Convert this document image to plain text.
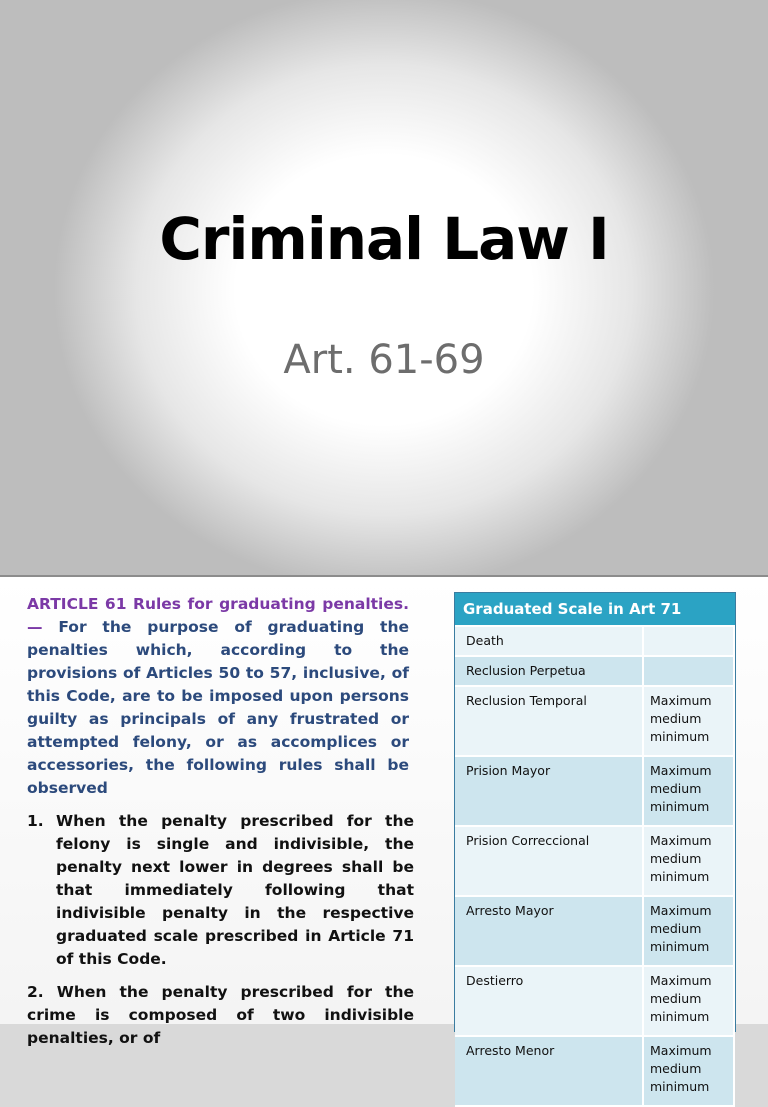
Criminal Law I
Art. 61-69
ARTICLE 61 Rules for graduating penalties. — For the purpose of graduating the penalties which, according to the provisions of Articles 50 to 57, inclusive, of this Code, are to be imposed upon persons guilty as principals of any frustrated or attempted felony, or as accomplices or accessories, the following rules shall be observed
1. When the penalty prescribed for the felony is single and indivisible, the penalty next lower in degrees shall be that immediately following that indivisible penalty in the respective graduated scale prescribed in Article 71 of this Code.
2. When the penalty prescribed for the crime is composed of two indivisible penalties, or of
Graduated Scale in Art 71
Death	
Reclusion Perpetua	
Reclusion Temporal	Maximum
medium
minimum

Prision Mayor	Maximum
medium
minimum

Prision Correccional	Maximum
medium
minimum

Arresto Mayor	Maximum
medium
minimum

Destierro	Maximum
medium
minimum

Arresto Menor	Maximum
medium
minimum
